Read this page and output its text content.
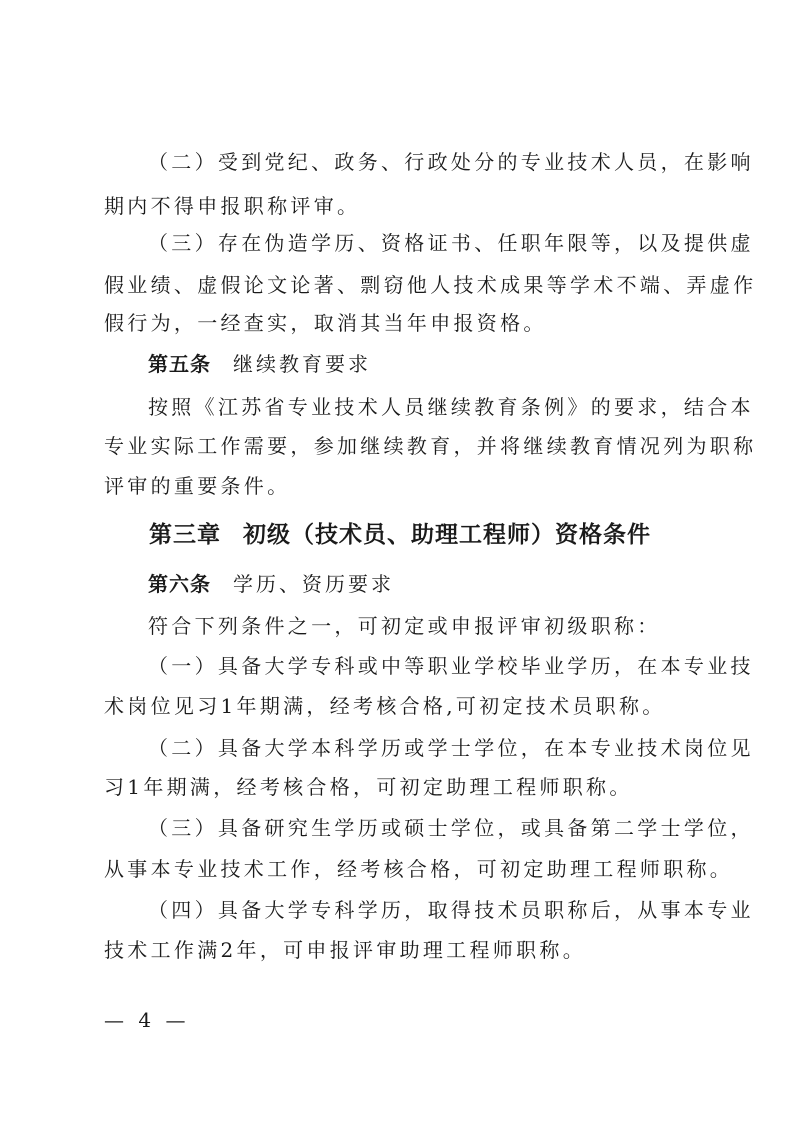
（二）受到党纪、政务、行政处分的专业技术人员，在影响
期内不得申报职称评审。
（三）存在伪造学历、资格证书、任职年限等，以及提供虚
假业绩、虚假论文论著、剽窃他人技术成果等学术不端、弄虚作
假行为，一经查实，取消其当年申报资格。
第五条 继续教育要求
按照《江苏省专业技术人员继续教育条例》的要求，结合本
专业实际工作需要，参加继续教育，并将继续教育情况列为职称
评审的重要条件。
第三章 初级（技术员、助理工程师）资格条件
第六条 学历、资历要求
符合下列条件之一，可初定或申报评审初级职称：
（一）具备大学专科或中等职业学校毕业学历，在本专业技
术岗位见习1年期满，经考核合格,可初定技术员职称。
（二）具备大学本科学历或学士学位，在本专业技术岗位见
习1年期满，经考核合格，可初定助理工程师职称。
（三）具备研究生学历或硕士学位，或具备第二学士学位，
从事本专业技术工作，经考核合格，可初定助理工程师职称。
（四）具备大学专科学历，取得技术员职称后，从事本专业
技术工作满2年，可申报评审助理工程师职称。
— 4 —
